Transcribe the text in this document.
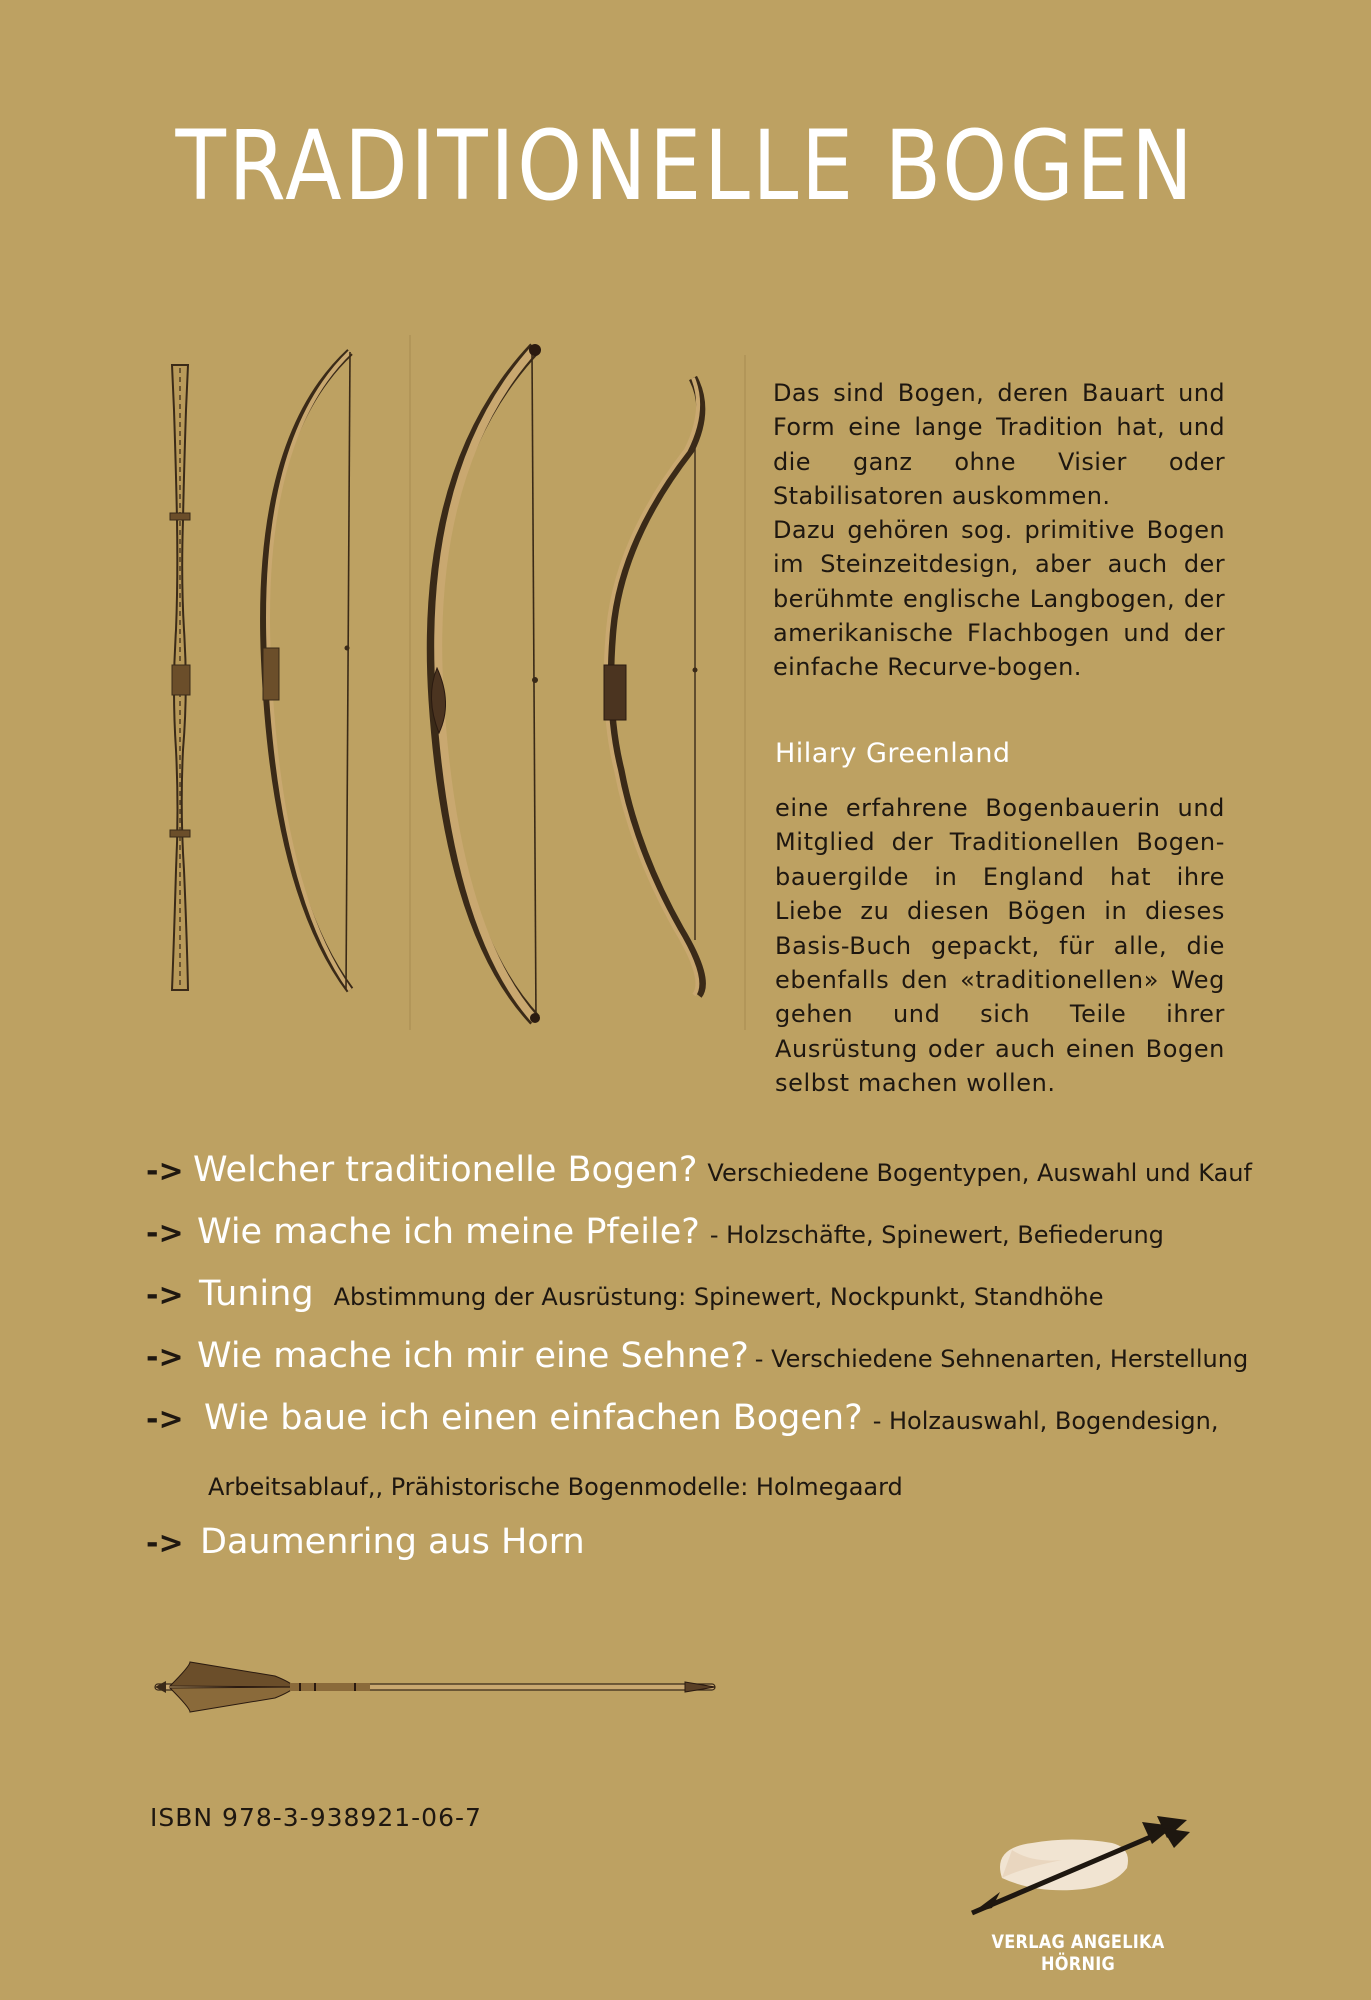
TRADITIONELLE BOGEN

Das sind Bogen, deren Bauart und Form eine lange Tradition hat, und die ganz ohne Visier oder Stabilisatoren auskommen.

Dazu gehören sog. primitive Bogen im Steinzeitdesign, aber auch der berühmte englische Langbogen, der amerikanische Flachbogen und der einfache Recurve-bogen.

Hilary Greenland

eine erfahrene Bogenbauerin und Mitglied der Traditionellen Bogen-bauergilde in England hat ihre Liebe zu diesen Bögen in dieses Basis-Buch gepackt, für alle, die ebenfalls den «traditionellen» Weg gehen und sich Teile ihrer Ausrüstung oder auch einen Bogen selbst machen wollen.

-> Welcher traditionelle Bogen? Verschiedene Bogentypen, Auswahl und Kauf
-> Wie mache ich meine Pfeile? - Holzschäfte, Spinewert, Befiederung
-> Tuning Abstimmung der Ausrüstung: Spinewert, Nockpunkt, Standhöhe
-> Wie mache ich mir eine Sehne? - Verschiedene Sehnenarten, Herstellung
-> Wie baue ich einen einfachen Bogen? - Holzauswahl, Bogendesign,
-> Daumenring aus Horn
Arbeitsablauf,, Prähistorische Bogenmodelle: Holmegaard
ISBN 978-3-938921-06-7
VERLAG ANGELIKA HÖRNIG
